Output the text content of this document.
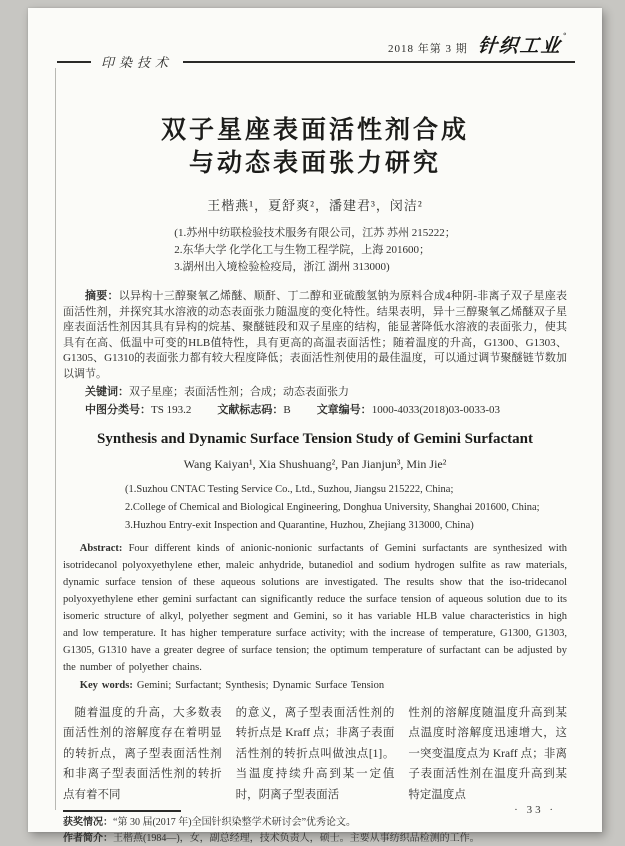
印染技术
2018 年第 3 期 针织工业°
双子星座表面活性剂合成
与动态表面张力研究
王楷燕¹，夏舒爽²，潘建君³，闵洁²
(1.苏州中纺联检验技术服务有限公司，江苏 苏州 215222；
2.东华大学 化学化工与生物工程学院，上海 201600；
3.湖州出入境检验检疫局，浙江 湖州 313000)

摘要：以异构十三醇聚氧乙烯醚、顺酐、丁二醇和亚硫酸氢钠为原料合成4种阴-非离子双子星座表面活性剂，并探究其水溶液的动态表面张力随温度的变化特性。结果表明，异十三醇聚氧乙烯醚双子星座表面活性剂因其具有异构的烷基、聚醚链段和双子星座的结构，能显著降低水溶液的表面张力，使其具有在高、低温中可变的HLB值特性，具有更高的高温表面活性；随着温度的升高，G1300、G1303、G1305、G1310的表面张力都有较大程度降低；表面活性剂使用的最佳温度，可以通过调节聚醚链节数加以调节。

关键词：双子星座；表面活性剂；合成；动态表面张力

中图分类号：TS 193.2 文献标志码：B 文章编号：1000-4033(2018)03-0033-03

Synthesis and Dynamic Surface Tension Study of Gemini Surfactant
Wang Kaiyan¹, Xia Shushuang², Pan Jianjun³, Min Jie²
(1.Suzhou CNTAC Testing Service Co., Ltd., Suzhou, Jiangsu 215222, China;
2.College of Chemical and Biological Engineering, Donghua University, Shanghai 201600, China;
3.Huzhou Entry-exit Inspection and Quarantine, Huzhou, Zhejiang 313000, China)

Abstract: Four different kinds of anionic-nonionic surfactants of Gemini surfactants are synthesized with isotridecanol polyoxyethylene ether, maleic anhydride, butanediol and sodium hydrogen sulfite as raw materials, dynamic surface tension of these aqueous solutions are investigated. The results show that the iso-tridecanol polyoxyethylene ether gemini surfactant can significantly reduce the surface tension of aqueous solution due to its isomeric structure of alkyl, polyether segment and Gemini, so it has variable HLB value characteristics in high and low temperature. It has higher temperature surface activity; with the increase of temperature, G1300, G1303, G1305, G1310 have a greater degree of surface tension; the optimum temperature of surfactant can be adjusted by the number of polyether chains.

Key words: Gemini; Surfactant; Synthesis; Dynamic Surface Tension

随着温度的升高，大多数表面活性剂的溶解度存在着明显的转折点，离子型表面活性剂和非离子型表面活性剂的转折点有着不同
的意义，离子型表面活性剂的转折点是 Kraff 点；非离子表面活性剂的转折点叫做浊点[1]。当温度持续升高到某一定值时，阴离子型表面活
性剂的溶解度随温度升高到某点温度时溶解度迅速增大，这一突变温度点为 Kraff 点；非离子表面活性剂在温度升高到某特定温度点
获奖情况：“第 30 届(2017 年)全国针织染整学术研讨会”优秀论文。
作者简介：王楷燕(1984—)，女，副总经理，技术负责人，硕士。主要从事纺织品检测的工作。
· 33 ·
